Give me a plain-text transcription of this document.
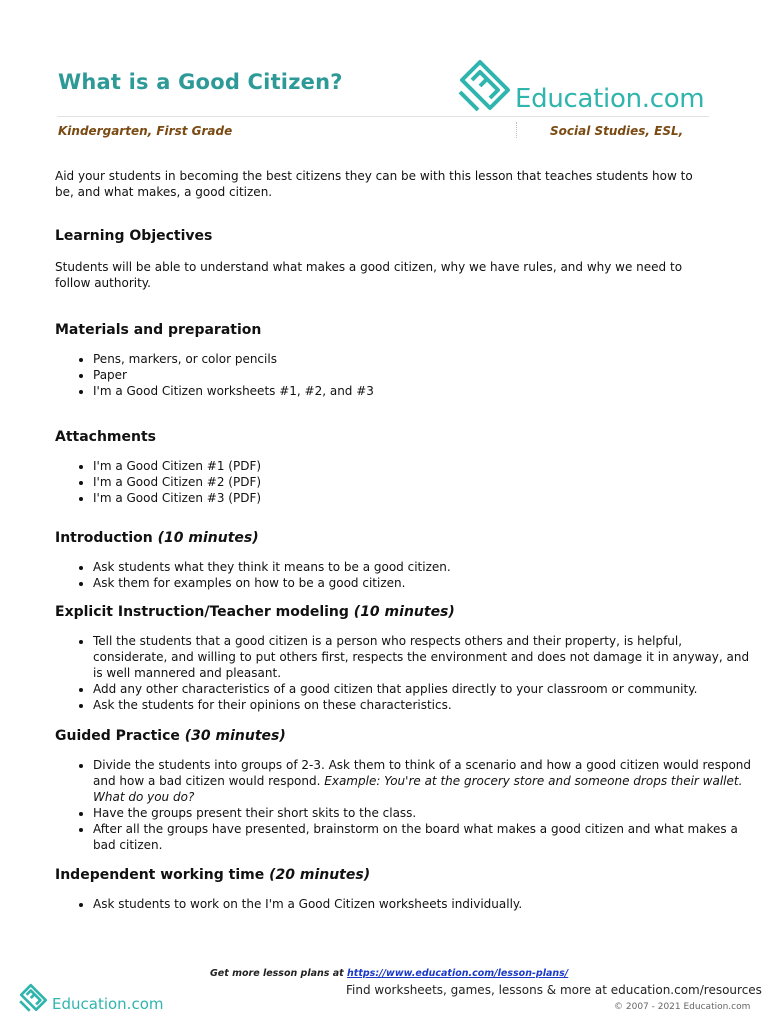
What is a Good Citizen?
Education.com
Kindergarten, First Grade	Social Studies, ESL,

Aid your students in becoming the best citizens they can be with this lesson that teaches students how to be, and what makes, a good citizen.

Learning Objectives

Students will be able to understand what makes a good citizen, why we have rules, and why we need to follow authority.

Materials and preparation
• Pens, markers, or color pencils
• Paper
• I'm a Good Citizen worksheets #1, #2, and #3
Attachments
• I'm a Good Citizen #1 (PDF)
• I'm a Good Citizen #2 (PDF)
• I'm a Good Citizen #3 (PDF)
Introduction (10 minutes)
• Ask students what they think it means to be a good citizen.
• Ask them for examples on how to be a good citizen.
Explicit Instruction/Teacher modeling (10 minutes)
• Tell the students that a good citizen is a person who respects others and their property, is helpful, considerate, and willing to put others first, respects the environment and does not damage it in anyway, and is well mannered and pleasant.
• Add any other characteristics of a good citizen that applies directly to your classroom or community.
• Ask the students for their opinions on these characteristics.
Guided Practice (30 minutes)
• Divide the students into groups of 2-3. Ask them to think of a scenario and how a good citizen would respond and how a bad citizen would respond. Example: You're at the grocery store and someone drops their wallet. What do you do?
• Have the groups present their short skits to the class.
• After all the groups have presented, brainstorm on the board what makes a good citizen and what makes a bad citizen.
Independent working time (20 minutes)
• Ask students to work on the I'm a Good Citizen worksheets individually.
Get more lesson plans at https://www.education.com/lesson-plans/
Find worksheets, games, lessons & more at education.com/resources
© 2007 - 2021 Education.com
Education.com
